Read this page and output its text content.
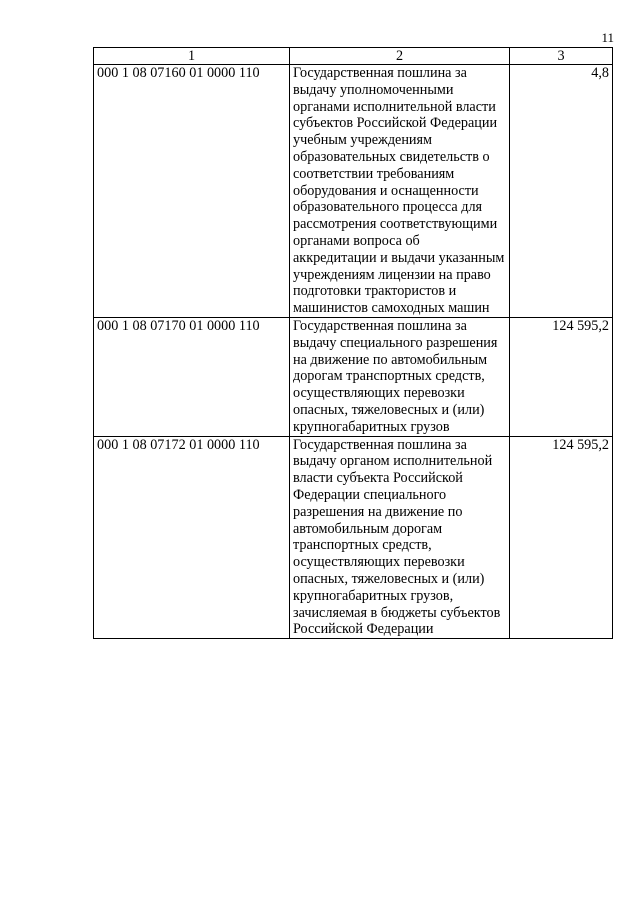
11
1	2	3
000 1 08 07160 01 0000 110	Государственная пошлина за выдачу уполномоченными органами исполнительной власти субъектов Российской Федерации учебным учреждениям образовательных свидетельств о соответствии требованиям оборудования и оснащенности образовательного процесса для рассмотрения соответствующими органами вопроса об аккредитации и выдачи указанным учреждениям лицензии на право подготовки трактористов и машинистов самоходных машин	4,8
000 1 08 07170 01 0000 110	Государственная пошлина за выдачу специального разрешения на движение по автомобильным дорогам транспортных средств, осуществляющих перевозки опасных, тяжеловесных и (или) крупногабаритных грузов	124 595,2
000 1 08 07172 01 0000 110	Государственная пошлина за выдачу органом исполнительной власти субъекта Российской Федерации специального разрешения на движение по автомобильным дорогам транспортных средств, осуществляющих перевозки опасных, тяжеловесных и (или) крупногабаритных грузов, зачисляемая в бюджеты субъектов Российской Федерации	124 595,2
